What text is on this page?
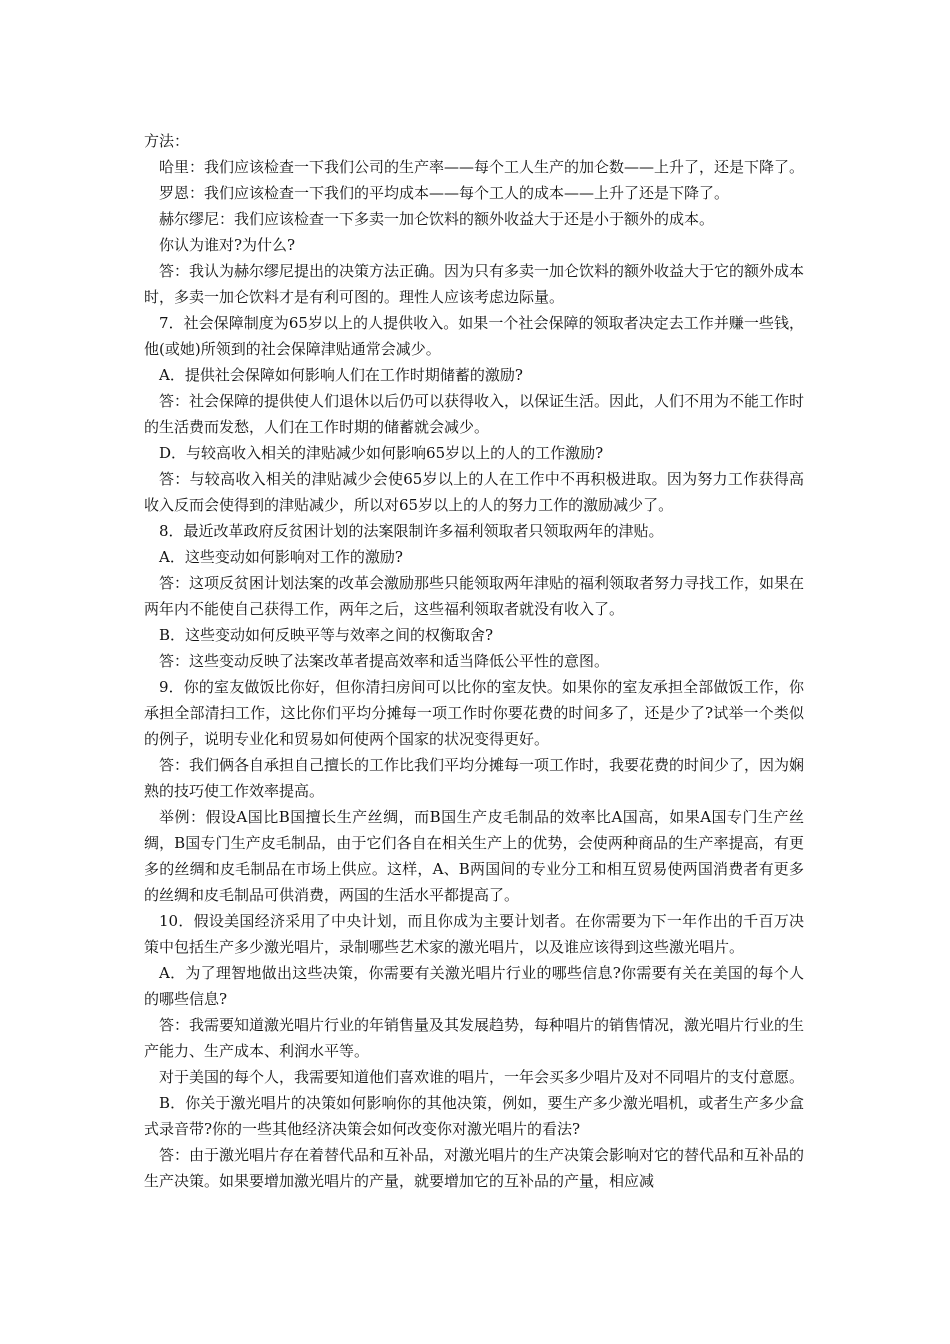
方法：

哈里：我们应该检查一下我们公司的生产率——每个工人生产的加仑数——上升了，还是下降了。

罗恩：我们应该检查一下我们的平均成本——每个工人的成本——上升了还是下降了。

赫尔缪尼：我们应该检查一下多卖一加仑饮料的额外收益大于还是小于额外的成本。

你认为谁对?为什么?

答：我认为赫尔缪尼提出的决策方法正确。因为只有多卖一加仑饮料的额外收益大于它的额外成本时，多卖一加仑饮料才是有利可图的。理性人应该考虑边际量。

7．社会保障制度为65岁以上的人提供收入。如果一个社会保障的领取者决定去工作并赚一些钱，他(或她)所领到的社会保障津贴通常会减少。

A．提供社会保障如何影响人们在工作时期储蓄的激励?

答：社会保障的提供使人们退休以后仍可以获得收入，以保证生活。因此，人们不用为不能工作时的生活费而发愁，人们在工作时期的储蓄就会减少。

D．与较高收入相关的津贴减少如何影响65岁以上的人的工作激励?

答：与较高收入相关的津贴减少会使65岁以上的人在工作中不再积极进取。因为努力工作获得高收入反而会使得到的津贴减少，所以对65岁以上的人的努力工作的激励减少了。

8．最近改革政府反贫困计划的法案限制许多福利领取者只领取两年的津贴。

A．这些变动如何影响对工作的激励?

答：这项反贫困计划法案的改革会激励那些只能领取两年津贴的福利领取者努力寻找工作，如果在两年内不能使自己获得工作，两年之后，这些福利领取者就没有收入了。

B．这些变动如何反映平等与效率之间的权衡取舍?

答：这些变动反映了法案改革者提高效率和适当降低公平性的意图。

9．你的室友做饭比你好，但你清扫房间可以比你的室友快。如果你的室友承担全部做饭工作，你承担全部清扫工作，这比你们平均分摊每一项工作时你要花费的时间多了，还是少了?试举一个类似的例子，说明专业化和贸易如何使两个国家的状况变得更好。

答：我们俩各自承担自己擅长的工作比我们平均分摊每一项工作时，我要花费的时间少了，因为娴熟的技巧使工作效率提高。

举例：假设A国比B国擅长生产丝绸，而B国生产皮毛制品的效率比A国高，如果A国专门生产丝绸，B国专门生产皮毛制品，由于它们各自在相关生产上的优势，会使两种商品的生产率提高，有更多的丝绸和皮毛制品在市场上供应。这样，A、B两国间的专业分工和相互贸易使两国消费者有更多的丝绸和皮毛制品可供消费，两国的生活水平都提高了。

10．假设美国经济采用了中央计划，而且你成为主要计划者。在你需要为下一年作出的千百万决策中包括生产多少激光唱片，录制哪些艺术家的激光唱片，以及谁应该得到这些激光唱片。

A．为了理智地做出这些决策，你需要有关激光唱片行业的哪些信息?你需要有关在美国的每个人的哪些信息?

答：我需要知道激光唱片行业的年销售量及其发展趋势，每种唱片的销售情况，激光唱片行业的生产能力、生产成本、利润水平等。

对于美国的每个人，我需要知道他们喜欢谁的唱片，一年会买多少唱片及对不同唱片的支付意愿。

B．你关于激光唱片的决策如何影响你的其他决策，例如，要生产多少激光唱机，或者生产多少盒式录音带?你的一些其他经济决策会如何改变你对激光唱片的看法?

答：由于激光唱片存在着替代品和互补品，对激光唱片的生产决策会影响对它的替代品和互补品的生产决策。如果要增加激光唱片的产量，就要增加它的互补品的产量，相应减
